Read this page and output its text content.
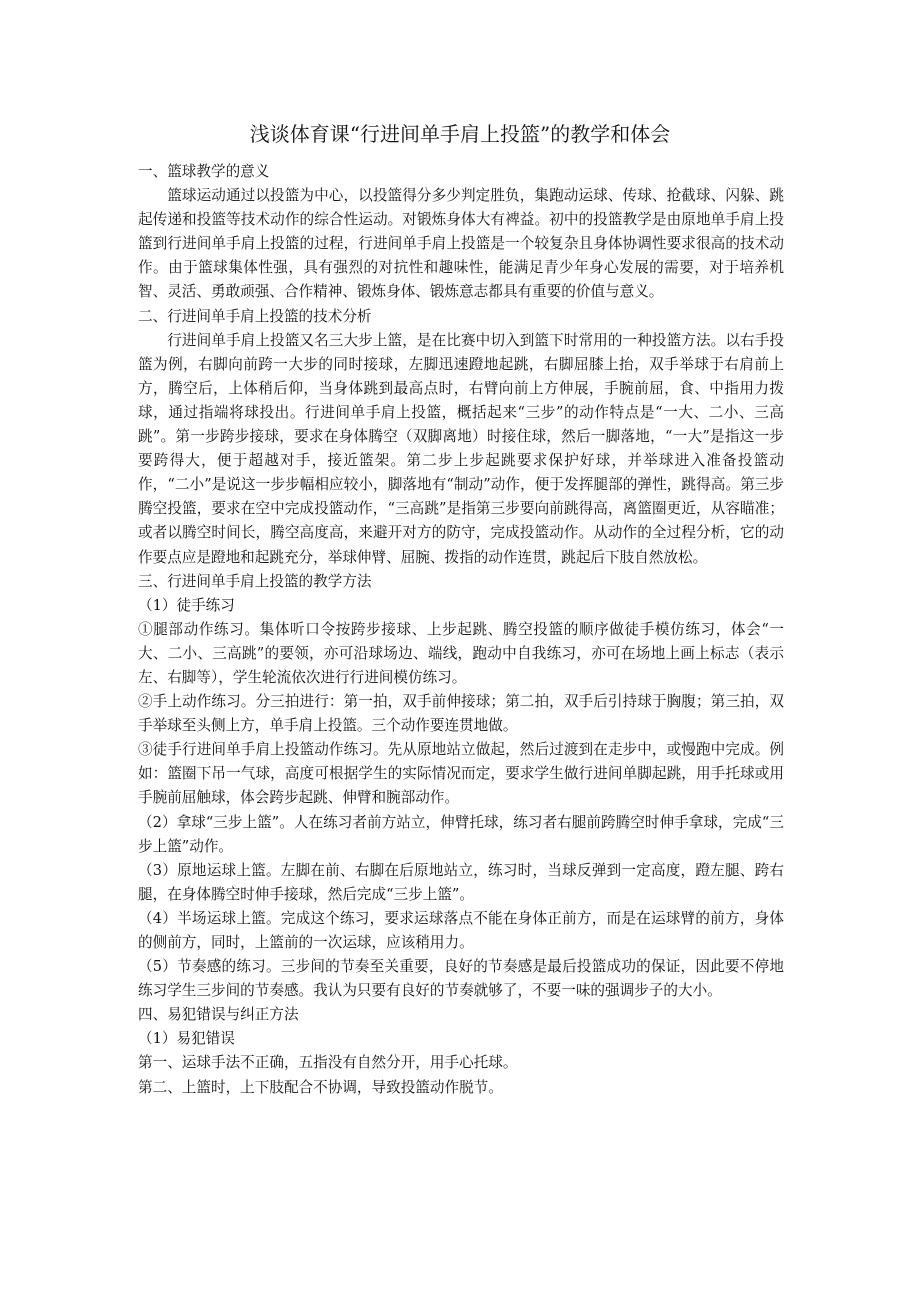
浅谈体育课“行进间单手肩上投篮”的教学和体会

一、篮球教学的意义

篮球运动通过以投篮为中心，以投篮得分多少判定胜负，集跑动运球、传球、抢截球、闪躲、跳起传递和投篮等技术动作的综合性运动。对锻炼身体大有裨益。初中的投篮教学是由原地单手肩上投篮到行进间单手肩上投篮的过程，行进间单手肩上投篮是一个较复杂且身体协调性要求很高的技术动作。由于篮球集体性强，具有强烈的对抗性和趣味性，能满足青少年身心发展的需要，对于培养机智、灵活、勇敢顽强、合作精神、锻炼身体、锻炼意志都具有重要的价值与意义。

二、行进间单手肩上投篮的技术分析

行进间单手肩上投篮又名三大步上篮，是在比赛中切入到篮下时常用的一种投篮方法。以右手投篮为例，右脚向前跨一大步的同时接球，左脚迅速蹬地起跳，右脚屈膝上抬，双手举球于右肩前上方，腾空后，上体稍后仰，当身体跳到最高点时，右臂向前上方伸展，手腕前屈，食、中指用力拨球，通过指端将球投出。行进间单手肩上投篮，概括起来“三步”的动作特点是“一大、二小、三高跳”。第一步跨步接球，要求在身体腾空（双脚离地）时接住球，然后一脚落地，“一大”是指这一步要跨得大，便于超越对手，接近篮架。第二步上步起跳要求保护好球，并举球进入准备投篮动作，“二小”是说这一步步幅相应较小，脚落地有“制动”动作，便于发挥腿部的弹性，跳得高。第三步腾空投篮，要求在空中完成投篮动作，“三高跳”是指第三步要向前跳得高，离篮圈更近，从容瞄准；或者以腾空时间长，腾空高度高，来避开对方的防守，完成投篮动作。从动作的全过程分析，它的动作要点应是蹬地和起跳充分，举球伸臂、屈腕、拨指的动作连贯，跳起后下肢自然放松。

三、行进间单手肩上投篮的教学方法

（1）徒手练习

①腿部动作练习。集体听口令按跨步接球、上步起跳、腾空投篮的顺序做徒手模仿练习，体会“一大、二小、三高跳”的要领，亦可沿球场边、端线，跑动中自我练习，亦可在场地上画上标志（表示左、右脚等），学生轮流依次进行行进间模仿练习。

②手上动作练习。分三拍进行：第一拍，双手前伸接球；第二拍，双手后引持球于胸腹；第三拍，双手举球至头侧上方，单手肩上投篮。三个动作要连贯地做。

③徒手行进间单手肩上投篮动作练习。先从原地站立做起，然后过渡到在走步中，或慢跑中完成。例如：篮圈下吊一气球，高度可根据学生的实际情况而定，要求学生做行进间单脚起跳，用手托球或用手腕前屈触球，体会跨步起跳、伸臂和腕部动作。

（2）拿球“三步上篮”。人在练习者前方站立，伸臂托球，练习者右腿前跨腾空时伸手拿球，完成“三步上篮”动作。

（3）原地运球上篮。左脚在前、右脚在后原地站立，练习时，当球反弹到一定高度，蹬左腿、跨右腿，在身体腾空时伸手接球，然后完成“三步上篮”。

（4）半场运球上篮。完成这个练习，要求运球落点不能在身体正前方，而是在运球臂的前方，身体的侧前方，同时，上篮前的一次运球，应该稍用力。

（5）节奏感的练习。三步间的节奏至关重要，良好的节奏感是最后投篮成功的保证，因此要不停地练习学生三步间的节奏感。我认为只要有良好的节奏就够了，不要一味的强调步子的大小。

四、易犯错误与纠正方法

（1）易犯错误

第一、运球手法不正确，五指没有自然分开，用手心托球。

第二、上篮时，上下肢配合不协调，导致投篮动作脱节。
